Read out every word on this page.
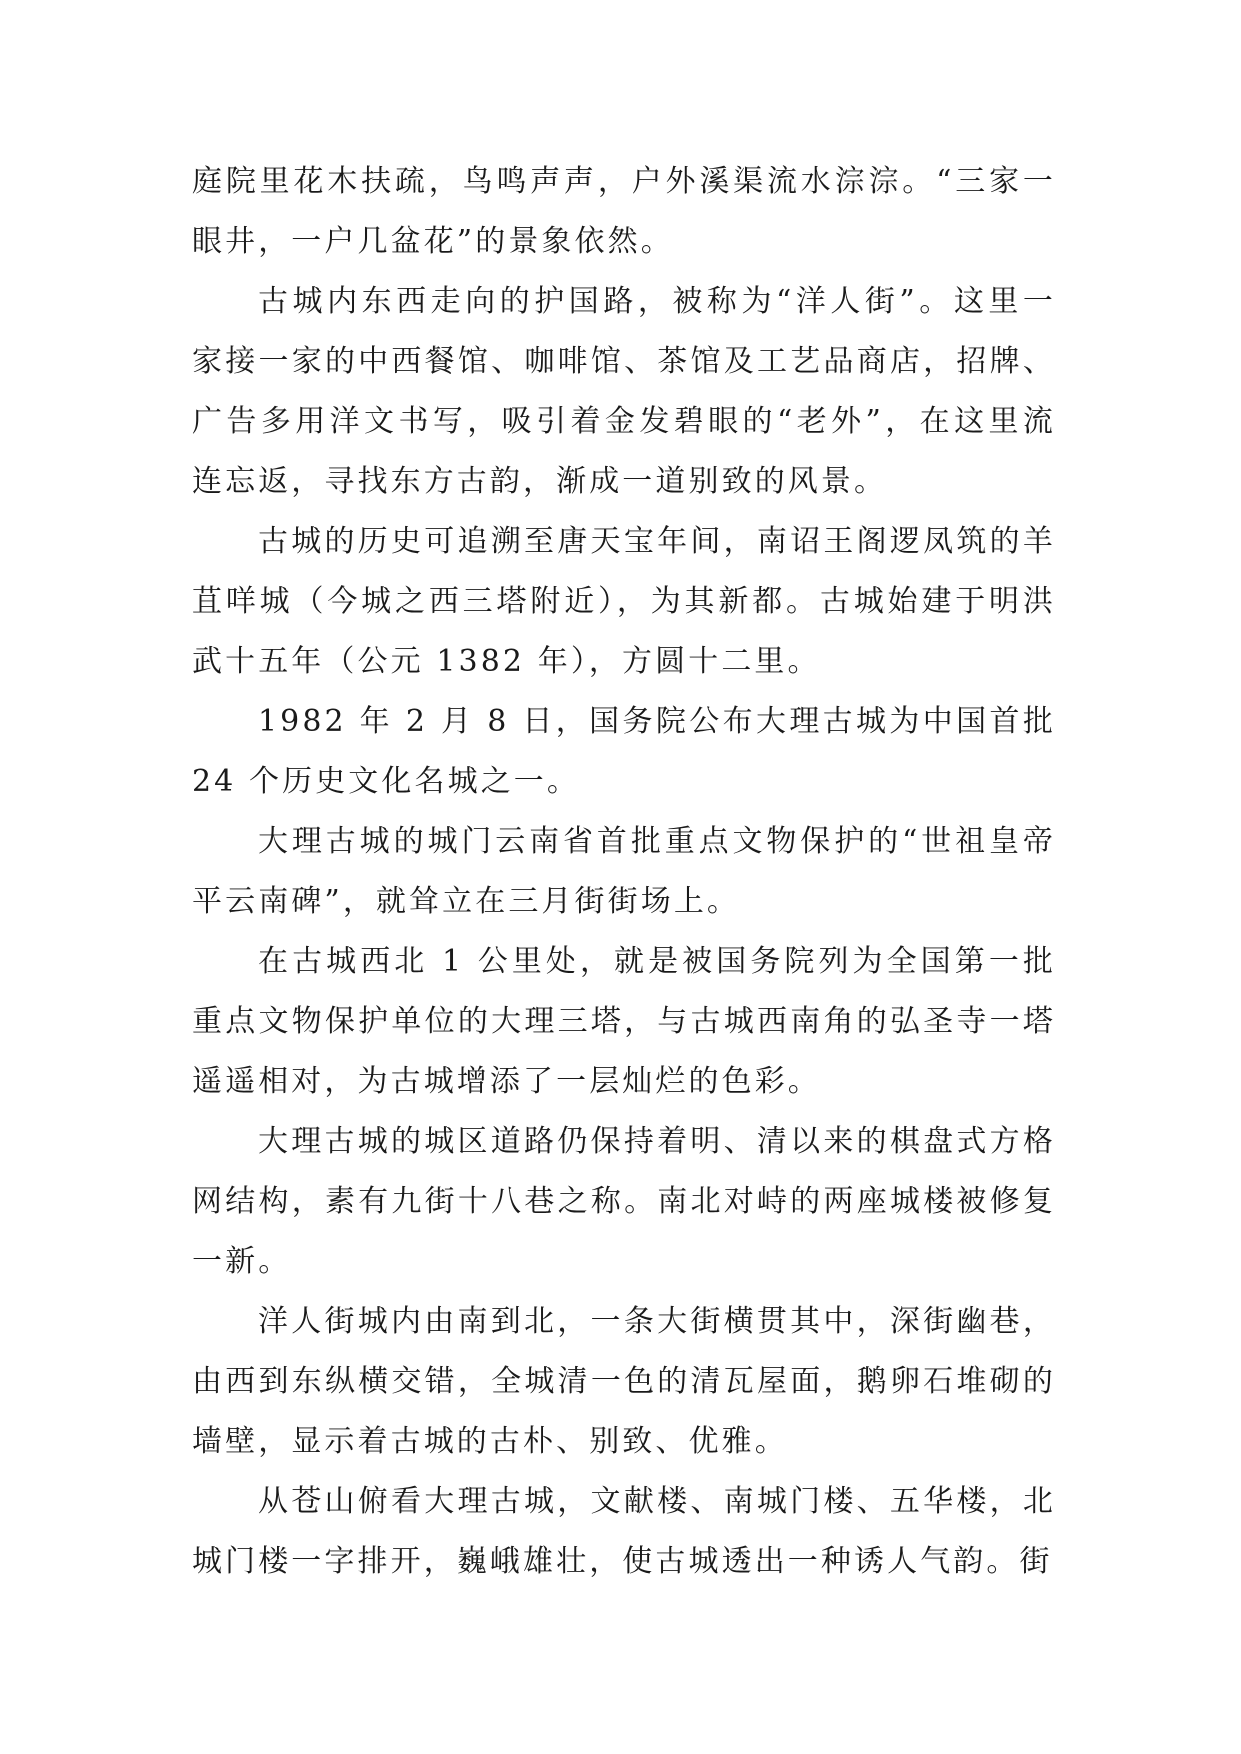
庭院里花木扶疏，鸟鸣声声，户外溪渠流水淙淙。“三家一眼井，一户几盆花”的景象依然。

古城内东西走向的护国路，被称为“洋人街”。这里一家接一家的中西餐馆、咖啡馆、茶馆及工艺品商店，招牌、广告多用洋文书写，吸引着金发碧眼的“老外”，在这里流连忘返，寻找东方古韵，渐成一道别致的风景。

古城的历史可追溯至唐天宝年间，南诏王阁逻凤筑的羊苴咩城（今城之西三塔附近），为其新都。古城始建于明洪武十五年（公元 1382 年），方圆十二里。

1982 年 2 月 8 日，国务院公布大理古城为中国首批 24 个历史文化名城之一。

大理古城的城门云南省首批重点文物保护的“世祖皇帝平云南碑”，就耸立在三月街街场上。

在古城西北 1 公里处，就是被国务院列为全国第一批重点文物保护单位的大理三塔，与古城西南角的弘圣寺一塔遥遥相对，为古城增添了一层灿烂的色彩。

大理古城的城区道路仍保持着明、清以来的棋盘式方格网结构，素有九街十八巷之称。南北对峙的两座城楼被修复一新。

洋人街城内由南到北，一条大街横贯其中，深街幽巷，由西到东纵横交错，全城清一色的清瓦屋面，鹅卵石堆砌的墙壁，显示着古城的古朴、别致、优雅。

从苍山俯看大理古城，文献楼、南城门楼、五华楼，北城门楼一字排开，巍峨雄壮，使古城透出一种诱人气韵。街
